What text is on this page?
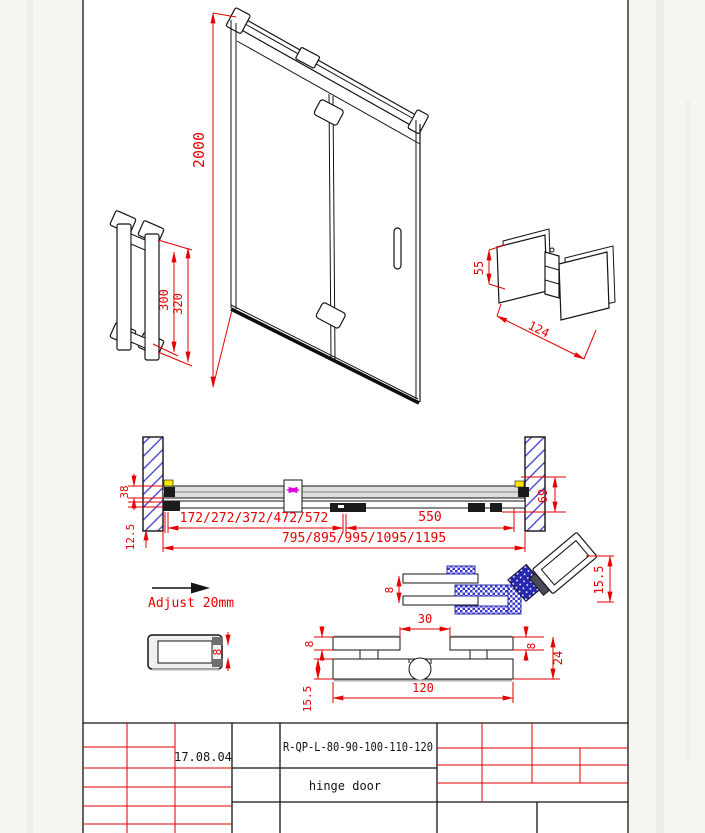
2000
300 320
55
124
38
12.5
172/272/372/472/572	550
795/895/995/1095/1195
69
Adjust 20mm
8
8	15.5
30
8	8
24
15.5	120
17.08.04
R-QP-L-80-90-100-110-120
hinge door
